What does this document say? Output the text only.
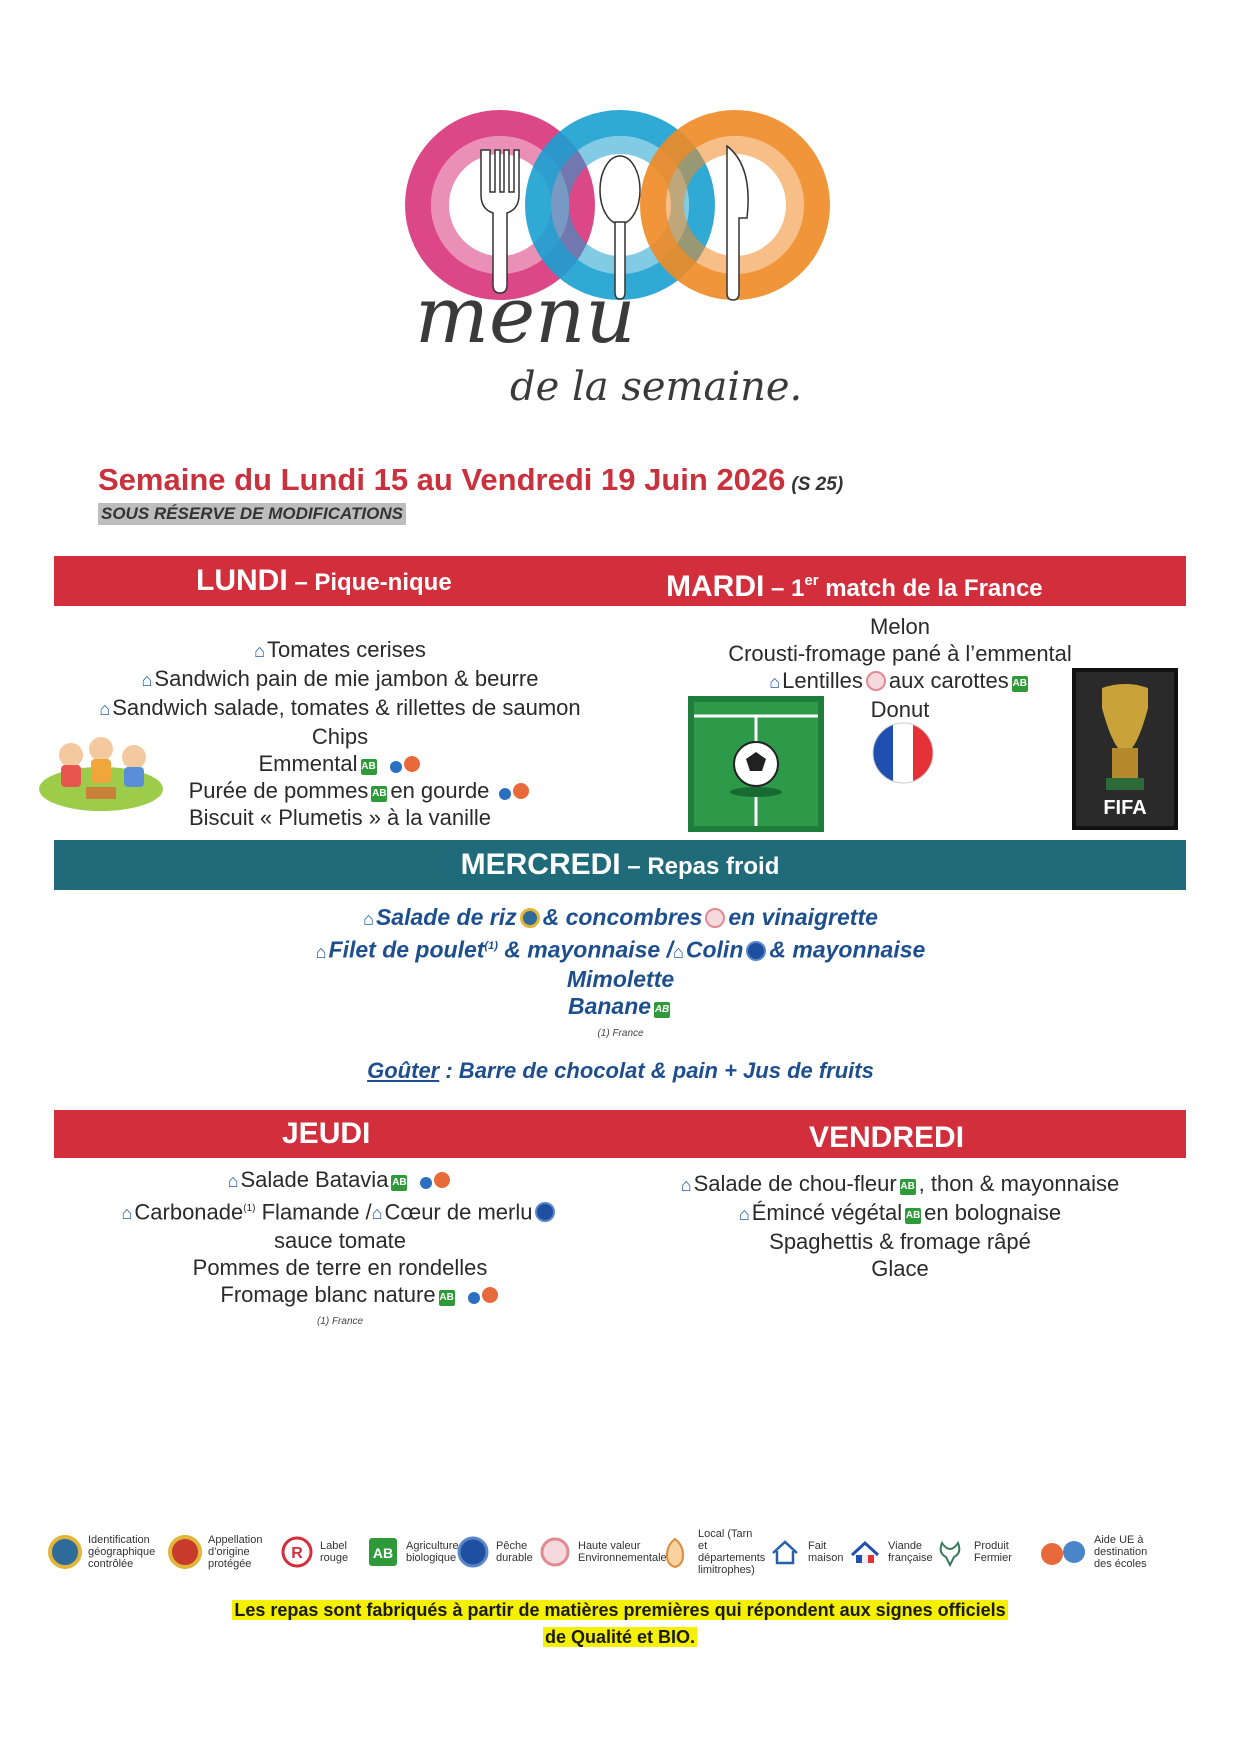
menu
de la semaine.
Semaine du Lundi 15 au Vendredi 19 Juin 2026 (S 25)
SOUS RÉSERVE DE MODIFICATIONS
LUNDI – Pique-nique	MARDI – 1er match de la France
⌂Tomates cerises
⌂Sandwich pain de mie jambon & beurre
⌂Sandwich salade, tomates & rillettes de saumon
Chips
Emmental AB
Purée de pommes AB en gourde
Biscuit « Plumetis » à la vanille
Melon
Crousti-fromage pané à l’emmental
⌂Lentilles aux carottes AB
Donut
FIFA
MERCREDI – Repas froid
⌂Salade de riz & concombres en vinaigrette
⌂Filet de poulet$^{(1)}$ & mayonnaise /⌂Colin & mayonnaise
Mimolette
Banane AB
(1) France
Goûter : Barre de chocolat & pain + Jus de fruits
JEUDI	VENDREDI
⌂Salade Batavia AB
⌂Carbonade$^{(1)}$ Flamande /⌂Cœur de merlu
sauce tomate
Pommes de terre en rondelles
Fromage blanc nature AB
(1) France
⌂Salade de chou-fleur AB , thon & mayonnaise
⌂Émincé végétal AB en bolognaise
Spaghettis & fromage râpé
Glace
Identification géographique contrôlée
Appellation d’origine protégée
R Label rouge	AB Agriculture biologique
Pêche durable
Haute valeur Environnementale
Local (Tarn et départements limitrophes)
Fait maison
Viande française
Produit Fermier
Aide UE à destination des écoles
Les repas sont fabriqués à partir de matières premières qui répondent aux signes officiels
de Qualité et BIO.
